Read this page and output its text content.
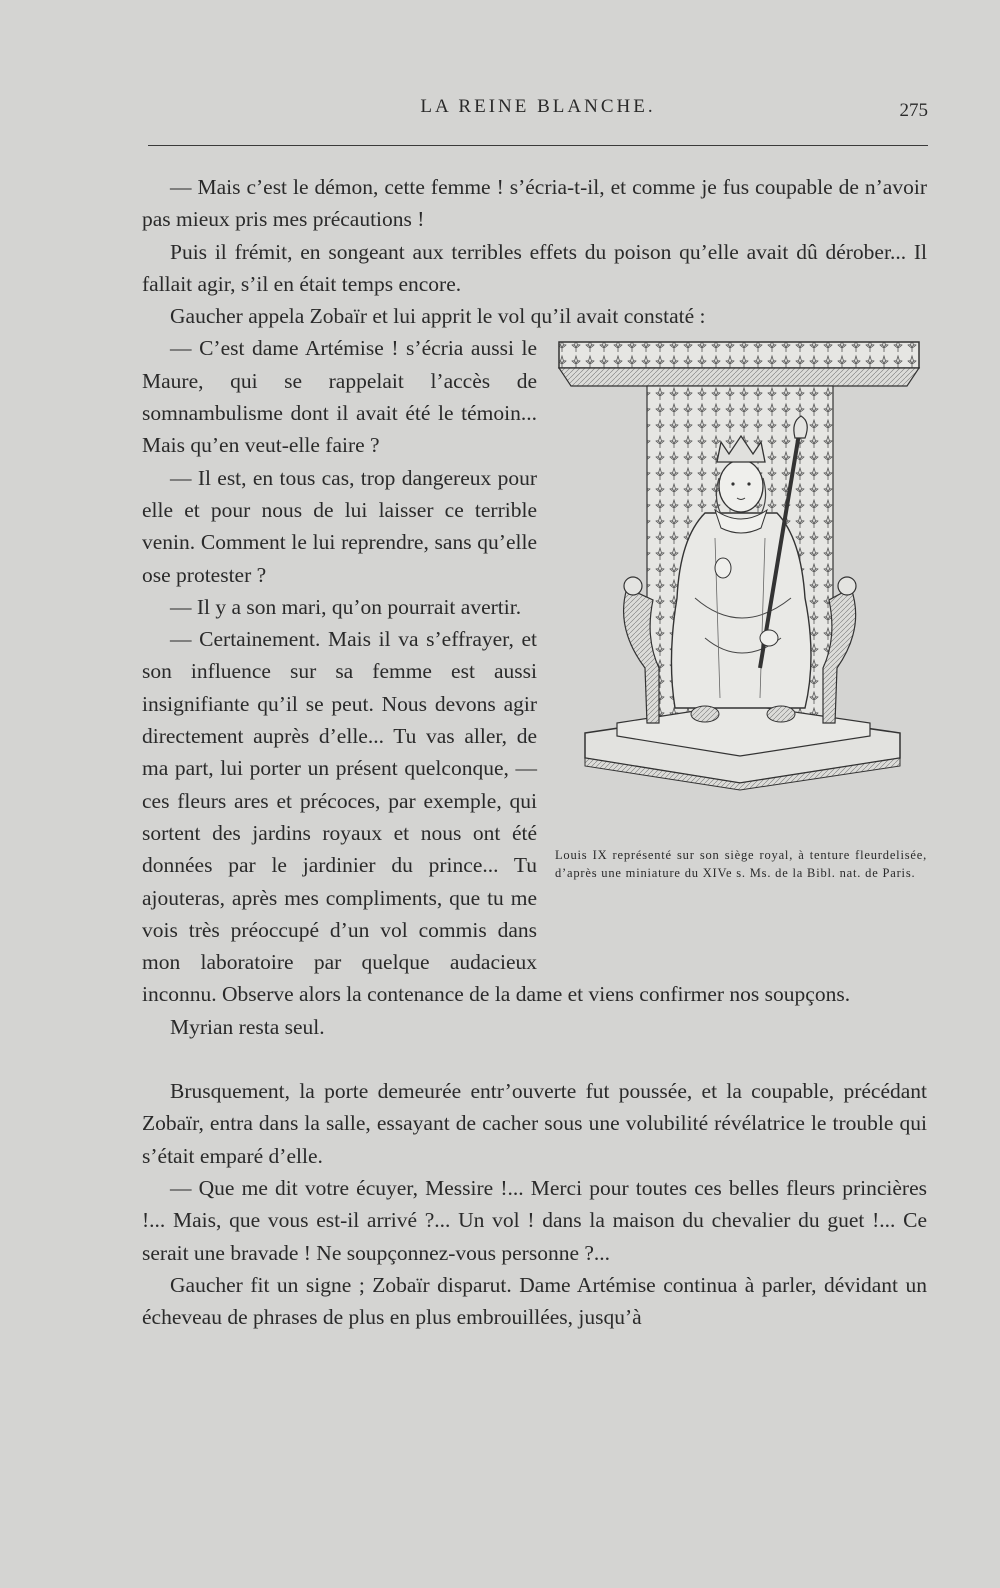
LA REINE BLANCHE.	275

— Mais c’est le démon, cette femme ! s’écria-t-il, et comme je fus coupable de n’avoir pas mieux pris mes précautions !

Puis il frémit, en songeant aux terribles effets du poison qu’elle avait dû dérober... Il fallait agir, s’il en était temps encore.

Gaucher appela Zobaïr et lui apprit le vol qu’il avait constaté :

Louis IX représenté sur son siège royal, à tenture fleurdelisée, d’après une miniature du XIVe s. Ms. de la Bibl. nat. de Paris.

— C’est dame Artémise ! s’écria aussi le Maure, qui se rappelait l’accès de somnambulisme dont il avait été le témoin... Mais qu’en veut-elle faire ?

— Il est, en tous cas, trop dangereux pour elle et pour nous de lui laisser ce terrible venin. Comment le lui reprendre, sans qu’elle ose protester ?

— Il y a son mari, qu’on pourrait avertir.

— Certainement. Mais il va s’effrayer, et son influence sur sa femme est aussi insignifiante qu’il se peut. Nous devons agir directement auprès d’elle... Tu vas aller, de ma part, lui porter un présent quelconque, — ces fleurs ares et précoces, par exemple, qui sortent des jardins royaux et nous ont été données par le jardinier du prince... Tu ajouteras, après mes compliments, que tu me vois très préoccupé d’un vol commis dans mon laboratoire par quelque audacieux inconnu. Observe alors la contenance de la dame et viens confirmer nos soupçons.

Myrian resta seul.

Brusquement, la porte demeurée entr’ouverte fut poussée, et la coupable, précédant Zobaïr, entra dans la salle, essayant de cacher sous une volubilité révélatrice le trouble qui s’était emparé d’elle.

— Que me dit votre écuyer, Messire !... Merci pour toutes ces belles fleurs princières !... Mais, que vous est-il arrivé ?... Un vol ! dans la maison du chevalier du guet !... Ce serait une bravade ! Ne soupçonnez-vous personne ?...

Gaucher fit un signe ; Zobaïr disparut. Dame Artémise continua à parler, dévidant un écheveau de phrases de plus en plus embrouillées, jusqu’à
